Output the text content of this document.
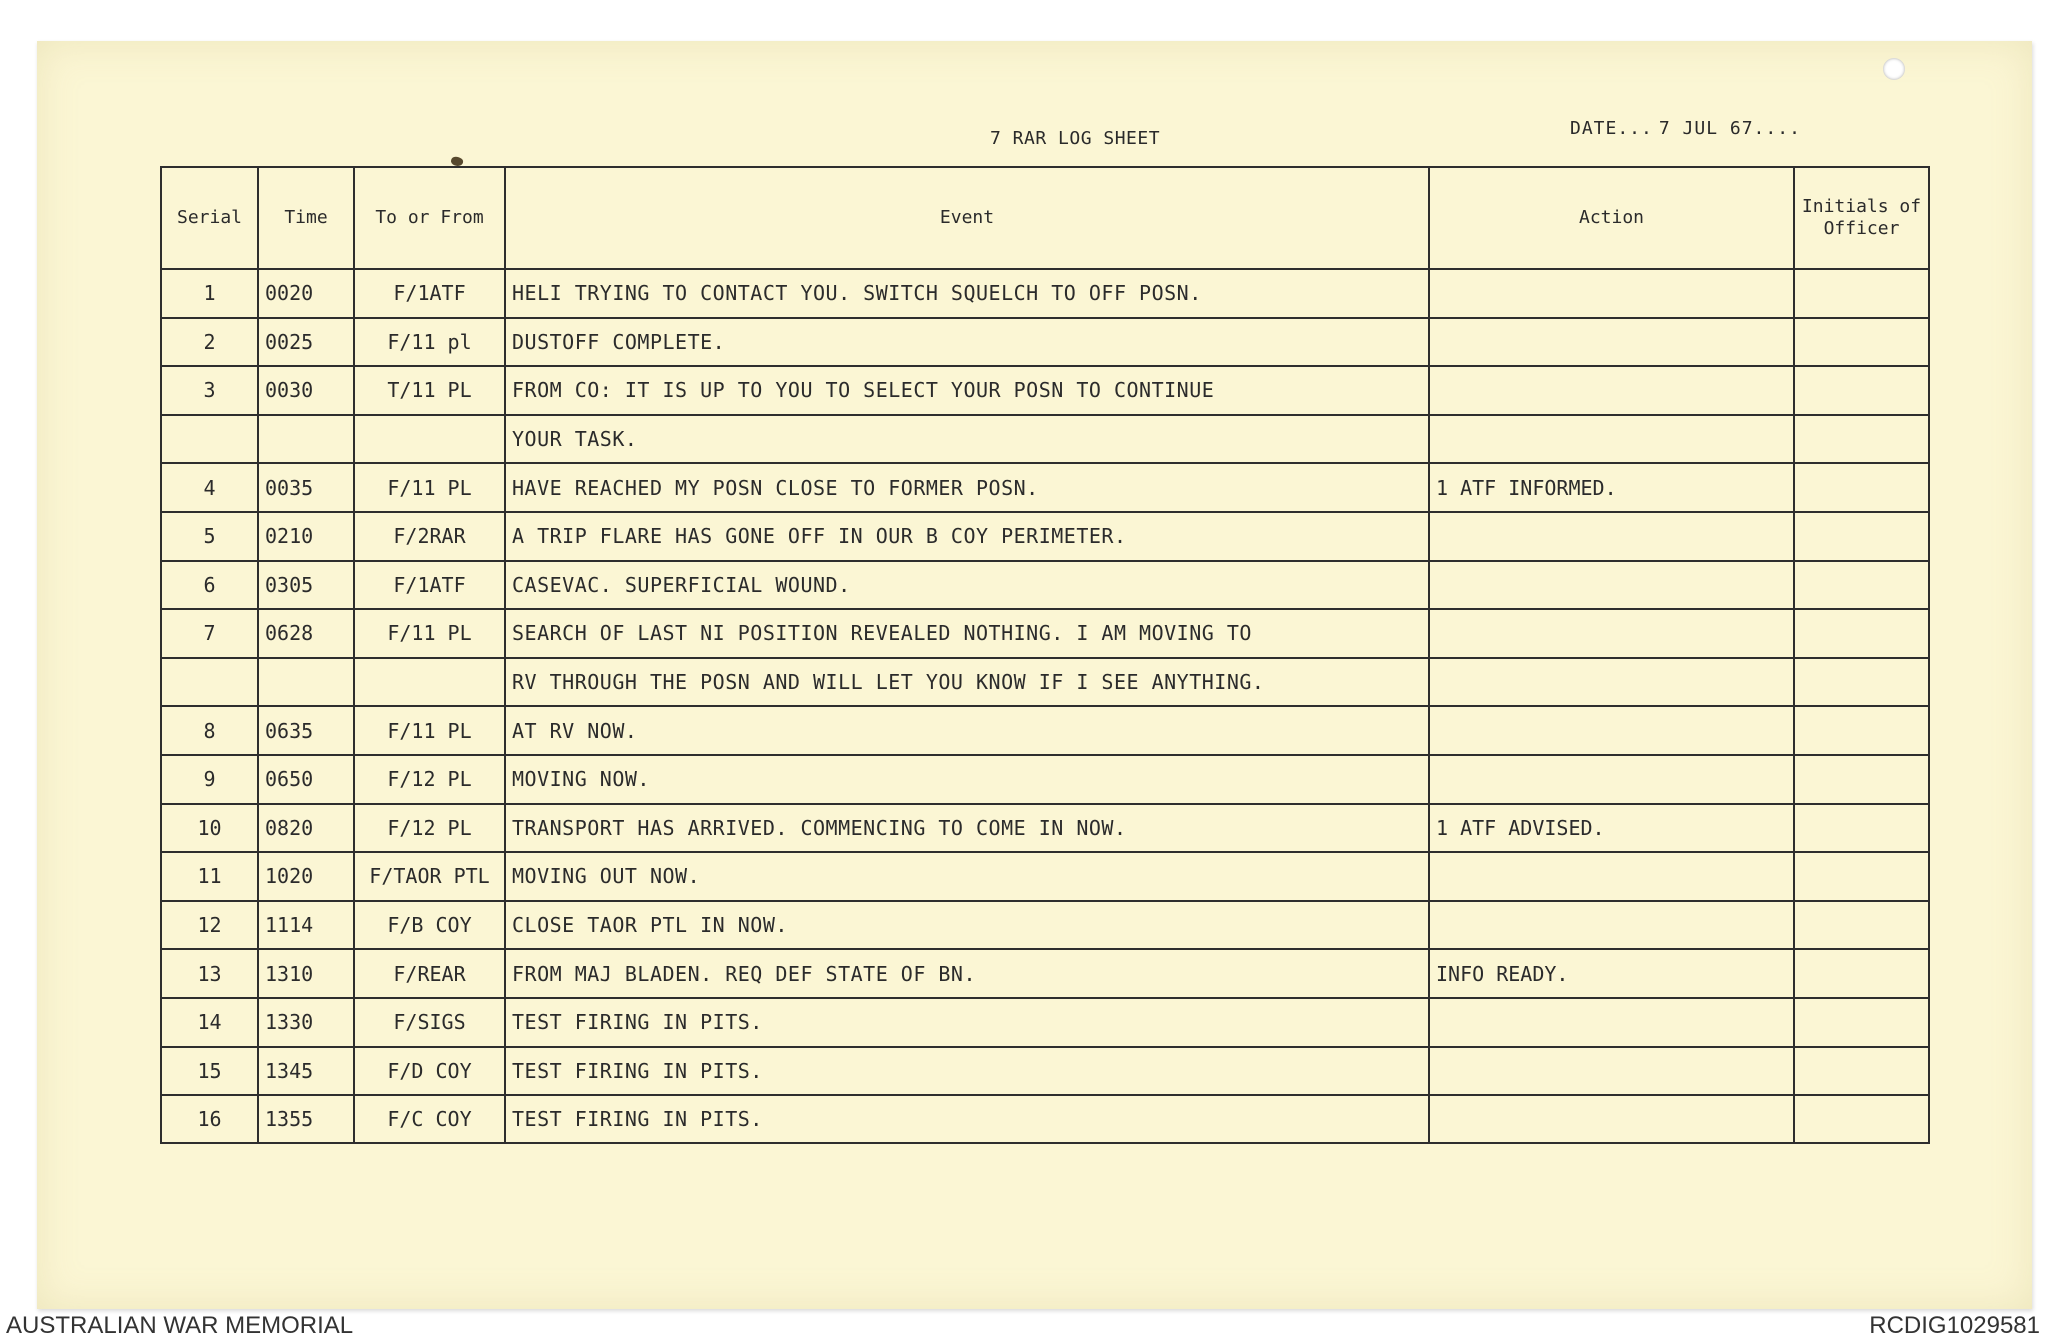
7 RAR LOG SHEET	DATE... 7 JUL 67....
Serial	Time	To or From	Event	Action	Initials of Officer
1	0020	F/1ATF	HELI TRYING TO CONTACT YOU. SWITCH SQUELCH TO OFF POSN.		
2	0025	F/11 pl	DUSTOFF COMPLETE.		
3	0030	T/11 PL	FROM CO: IT IS UP TO YOU TO SELECT YOUR POSN TO CONTINUE		
			YOUR TASK.		
4	0035	F/11 PL	HAVE REACHED MY POSN CLOSE TO FORMER POSN.	1 ATF INFORMED.	
5	0210	F/2RAR	A TRIP FLARE HAS GONE OFF IN OUR B COY PERIMETER.		
6	0305	F/1ATF	CASEVAC. SUPERFICIAL WOUND.		
7	0628	F/11 PL	SEARCH OF LAST NI POSITION REVEALED NOTHING. I AM MOVING TO		
			RV THROUGH THE POSN AND WILL LET YOU KNOW IF I SEE ANYTHING.		
8	0635	F/11 PL	AT RV NOW.		
9	0650	F/12 PL	MOVING NOW.		
10	0820	F/12 PL	TRANSPORT HAS ARRIVED. COMMENCING TO COME IN NOW.	1 ATF ADVISED.	
11	1020	F/TAOR PTL	MOVING OUT NOW.		
12	1114	F/B COY	CLOSE TAOR PTL IN NOW.		
13	1310	F/REAR	FROM MAJ BLADEN. REQ DEF STATE OF BN.	INFO READY.	
14	1330	F/SIGS	TEST FIRING IN PITS.		
15	1345	F/D COY	TEST FIRING IN PITS.		
16	1355	F/C COY	TEST FIRING IN PITS.		
AUSTRALIAN WAR MEMORIAL	RCDIG1029581
